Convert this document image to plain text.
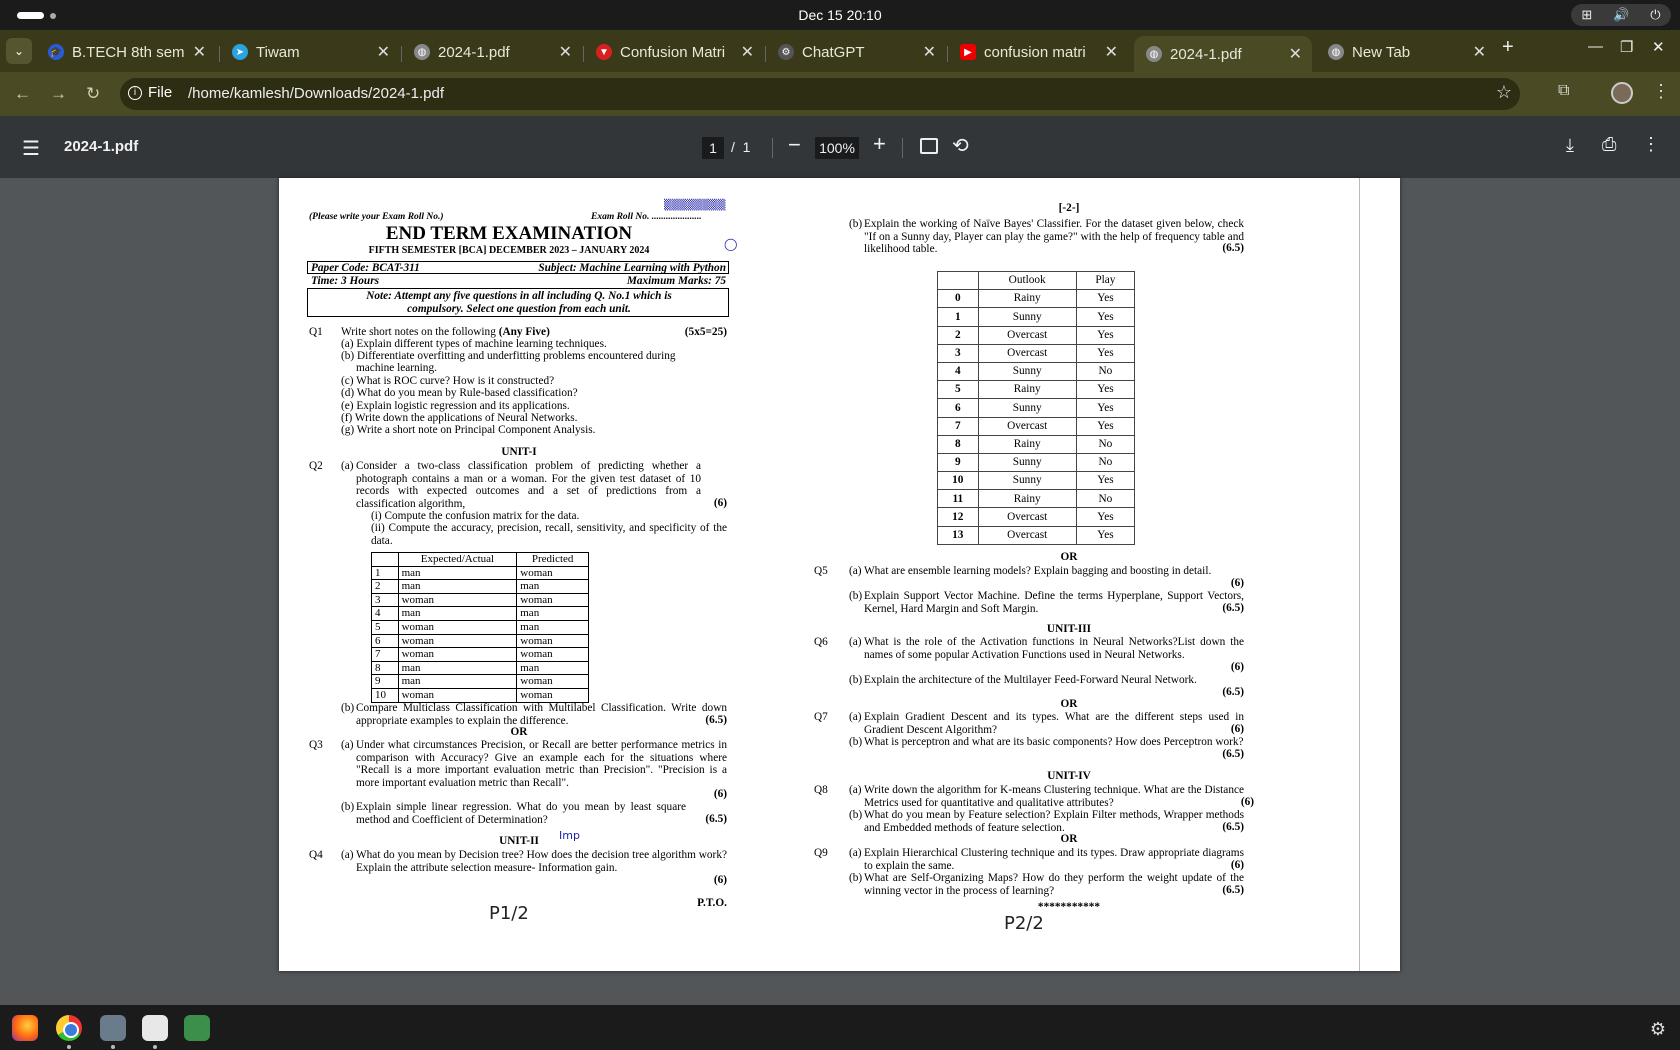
Dec 15 20:10	⊞ 🔊 ⏻
⌄	🎓 B.TECH 8th sem ✕	➤ Tiwam	✕	◍ 2024-1.pdf	✕	▼ Confusion Matri ✕	⚙ ChatGPT	✕	▶ confusion matri	✕	◍ 2024-1.pdf	✕	◍ New Tab	✕ +	— ❐ ✕
← → ↻	i File /home/kamlesh/Downloads/2024-1.pdf	☆	⧉	⋮
☰ 2024-1.pdf	1	/ 1 − 100% +	⟲	⤓ ⎙ ⋮
(Please write your Exam Roll No.)	Exam Roll No. .....................
▒▒▒▒▒▒▒▒
END TERM EXAMINATION
FIFTH SEMESTER [BCA] DECEMBER 2023 – JANUARY 2024
Paper Code: BCAT-311	Subject: Machine Learning with Python
Time: 3 Hours	Maximum Marks: 75
Note: Attempt any five questions in all including Q. No.1 which is
compulsory. Select one question from each unit.
◯
Q1 Write short notes on the following (Any Five)	(5x5=25)
(a) Explain different types of machine learning techniques.
(b) Differentiate overfitting and underfitting problems encountered during
machine learning.
(c) What is ROC curve? How is it constructed?
(d) What do you mean by Rule-based classification?
(e) Explain logistic regression and its applications.
(f) Write down the applications of Neural Networks.
(g) Write a short note on Principal Component Analysis.
UNIT-I
Q2 (a) Consider a two-class classification problem of predicting whether a photograph contains a man or a woman. For the given test dataset of 10 records with expected outcomes and a set of predictions from a classification algorithm,	(6)
(i) Compute the confusion matrix for the data.
(ii) Compute the accuracy, precision, recall, sensitivity, and specificity of the data.
	Expected/Actual	Predicted
1	man	woman
2	man	man
3	woman	woman
4	man	man
5	woman	man
6	woman	woman
7	woman	woman
8	man	man
9	man	woman
10	woman	woman
(b) Compare Multiclass Classification with Multilabel Classification. Write down appropriate examples to explain the difference.	(6.5)
OR
Q3 (a) Under what circumstances Precision, or Recall are better performance metrics in comparison with Accuracy? Give an example each for the situations where "Recall is a more important evaluation metric than Precision". "Precision is a more important evaluation metric than Recall".
(6)
(b) Explain simple linear regression. What do you mean by least square method and Coefficient of Determination?	(6.5)
UNIT-II	Imp
Q4 (a) What do you mean by Decision tree? How does the decision tree algorithm work? Explain the attribute selection measure- Information gain.
(6)
P.T.O.
P1/2
[-2-]
(b) Explain the working of Naïve Bayes' Classifier. For the dataset given below, check "If on a Sunny day, Player can play the game?" with the help of frequency table and likelihood table.	(6.5)
	Outlook	Play
0	Rainy	Yes
1	Sunny	Yes
2	Overcast	Yes
3	Overcast	Yes
4	Sunny	No
5	Rainy	Yes
6	Sunny	Yes
7	Overcast	Yes
8	Rainy	No
9	Sunny	No
10	Sunny	Yes
11	Rainy	No
12	Overcast	Yes
13	Overcast	Yes
OR
Q5 (a) What are ensemble learning models? Explain bagging and boosting in detail.
(6)
(b) Explain Support Vector Machine. Define the terms Hyperplane, Support Vectors, Kernel, Hard Margin and Soft Margin.	(6.5)
UNIT-III
Q6 (a) What is the role of the Activation functions in Neural Networks?List down the names of some popular Activation Functions used in Neural Networks.
(6)
(b) Explain the architecture of the Multilayer Feed-Forward Neural Network.
(6.5)
OR
Q7 (a) Explain Gradient Descent and its types. What are the different steps used in Gradient Descent Algorithm?	(6)
(b) What is perceptron and what are its basic components? How does Perceptron work?
(6.5)
UNIT-IV
Q8 (a) Write down the algorithm for K-means Clustering technique. What are the Distance Metrics used for quantitative and qualitative attributes?	(6)
(b) What do you mean by Feature selection? Explain Filter methods, Wrapper methods and Embedded methods of feature selection.	(6.5)
OR
Q9 (a) Explain Hierarchical Clustering technique and its types. Draw appropriate diagrams to explain the same.	(6)
(b) What are Self-Organizing Maps? How do they perform the weight update of the winning vector in the process of learning?	(6.5)
***********
P2/2
⚙
